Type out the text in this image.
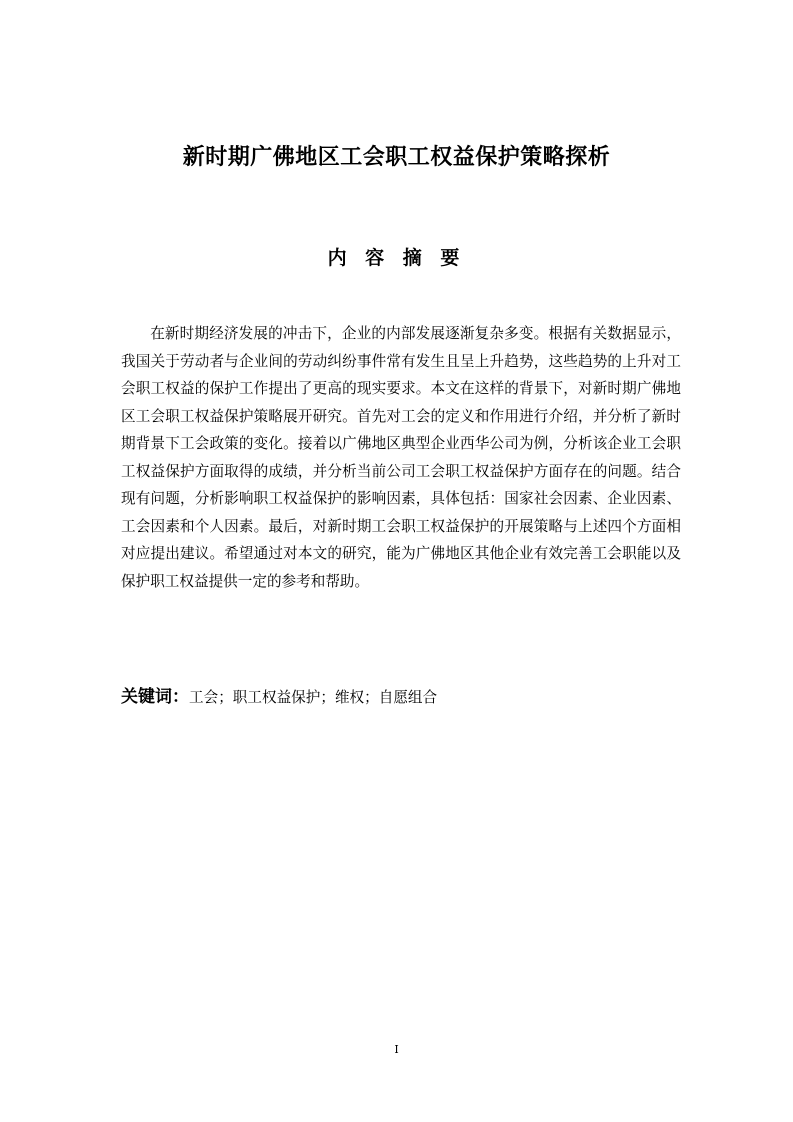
新时期广佛地区工会职工权益保护策略探析
内 容 摘 要

在新时期经济发展的冲击下，企业的内部发展逐渐复杂多变。根据有关数据显示，我国关于劳动者与企业间的劳动纠纷事件常有发生且呈上升趋势，这些趋势的上升对工会职工权益的保护工作提出了更高的现实要求。本文在这样的背景下，对新时期广佛地区工会职工权益保护策略展开研究。首先对工会的定义和作用进行介绍，并分析了新时期背景下工会政策的变化。接着以广佛地区典型企业西华公司为例，分析该企业工会职工权益保护方面取得的成绩，并分析当前公司工会职工权益保护方面存在的问题。结合现有问题，分析影响职工权益保护的影响因素，具体包括：国家社会因素、企业因素、工会因素和个人因素。最后，对新时期工会职工权益保护的开展策略与上述四个方面相对应提出建议。希望通过对本文的研究，能为广佛地区其他企业有效完善工会职能以及保护职工权益提供一定的参考和帮助。

关键词：工会；职工权益保护；维权；自愿组合

I
